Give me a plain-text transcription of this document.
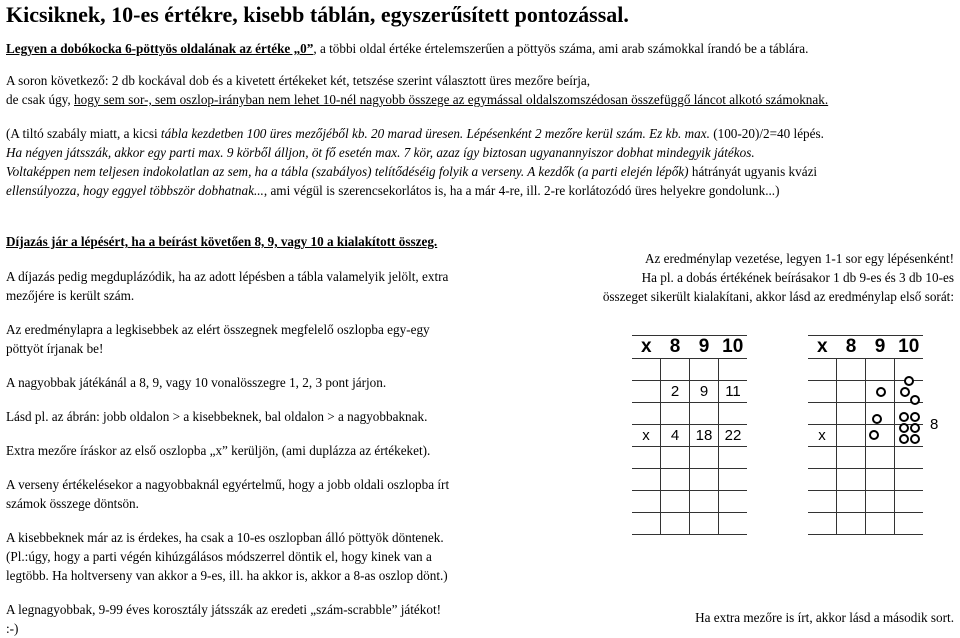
Kicsiknek, 10-es értékre, kisebb táblán, egyszerűsített pontozással.
Legyen a dobókocka 6-pöttyös oldalának az értéke „0”, a többi oldal értéke értelemszerűen a pöttyös száma, ami arab számokkal írandó be a táblára.
A soron következő: 2 db kockával dob és a kivetett értékeket két, tetszése szerint választott üres mezőre beírja,
de csak úgy, hogy sem sor-, sem oszlop-irányban nem lehet 10-nél nagyobb összege az egymással oldalszomszédosan összefüggő láncot alkotó számoknak.
(A tiltó szabály miatt, a kicsi tábla kezdetben 100 üres mezőjéből kb. 20 marad üresen. Lépésenként 2 mezőre kerül szám. Ez kb. max. (100-20)/2=40 lépés.
Ha négyen játsszák, akkor egy parti max. 9 körből álljon, öt fő esetén max. 7 kör, azaz így biztosan ugyanannyiszor dobhat mindegyik játékos.
Voltaképpen nem teljesen indokolatlan az sem, ha a tábla (szabályos) telítődéséig folyik a verseny. A kezdők (a parti elején lépők) hátrányát ugyanis kvázi
ellensúlyozza, hogy eggyel többször dobhatnak..., ami végül is szerencsekorlátos is, ha a már 4-re, ill. 2-re korlátozódó üres helyekre gondolunk...)
Díjazás jár a lépésért, ha a beírást követően 8, 9, vagy 10 a kialakított összeg.
A díjazás pedig megduplázódik, ha az adott lépésben a tábla valamelyik jelölt, extra
mezőjére is került szám.
Az eredménylapra a legkisebbek az elért összegnek megfelelő oszlopba egy-egy
pöttyöt írjanak be!
A nagyobbak játékánál a 8, 9, vagy 10 vonalösszegre 1, 2, 3 pont járjon.
Lásd pl. az ábrán: jobb oldalon > a kisebbeknek, bal oldalon > a nagyobbaknak.
Extra mezőre íráskor az első oszlopba „x” kerüljön, (ami duplázza az értékeket).
A verseny értékelésekor a nagyobbaknál egyértelmű, hogy a jobb oldali oszlopba írt
számok összege döntsön.
A kisebbeknek már az is érdekes, ha csak a 10-es oszlopban álló pöttyök döntenek.
(Pl.:úgy, hogy a parti végén kihúzgálásos módszerrel döntik el, hogy kinek van a
legtöbb. Ha holtverseny van akkor a 9-es, ill. ha akkor is, akkor a 8-as oszlop dönt.)
A legnagyobbak, 9-99 éves korosztály játsszák az eredeti „szám-scrabble” játékot!
:-)
Az eredménylap vezetése, legyen 1-1 sor egy lépésenként!
Ha pl. a dobás értékének beírásakor 1 db 9-es és 3 db 10-es
összeget sikerült kialakítani, akkor lásd az eredménylap első sorát:
Ha extra mezőre is írt, akkor lásd a második sort.
x	8	9	10

	2	9	11

x	4	18	22

x	8	9	10

x		

8
